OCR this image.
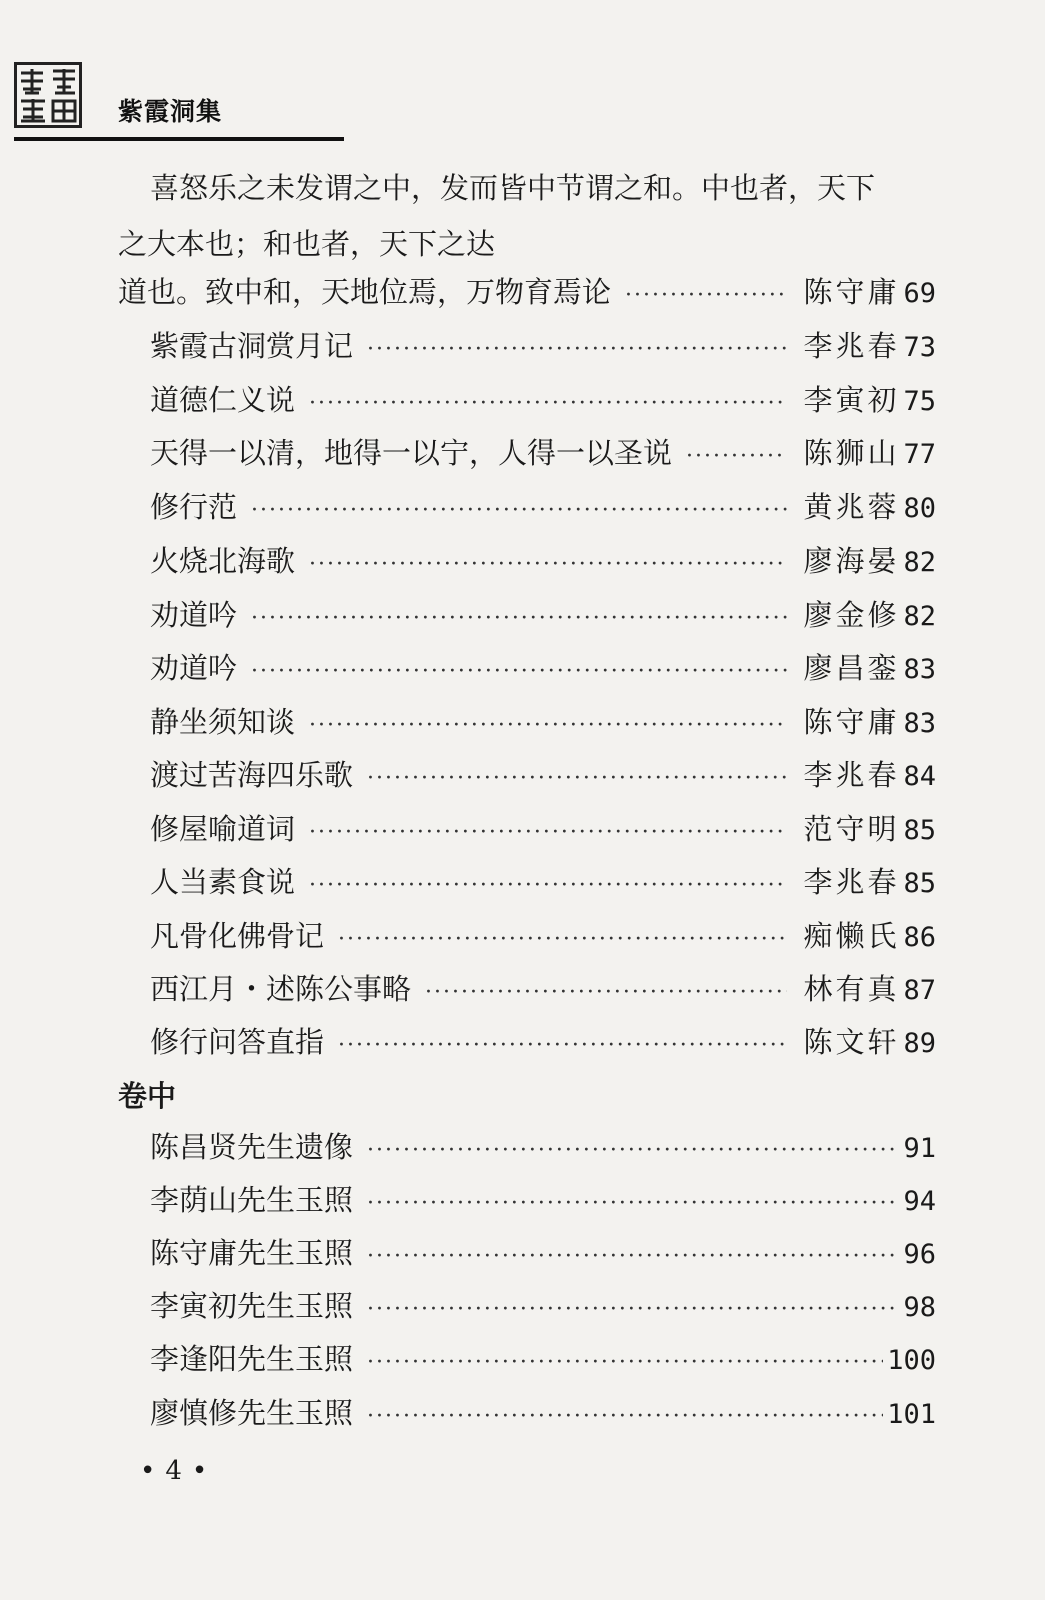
紫霞洞集
喜怒乐之未发谓之中，发而皆中节谓之和。中也者，天下
之大本也；和也者，天下之达
道也。致中和，天地位焉，万物育焉论 ·····	陈守庸 69
紫霞古洞赏月记 ·····	李兆春 73
道德仁义说 ·····	李寅初 75
天得一以清，地得一以宁，人得一以圣说 ·····	陈狮山 77
修行范 ·····	黄兆蓉 80
火烧北海歌 ·····	廖海晏 82
劝道吟 ·····	廖金修 82
劝道吟 ·····	廖昌銮 83
静坐须知谈 ·····	陈守庸 83
渡过苦海四乐歌 ·····	李兆春 84
修屋喻道词 ·····	范守明 85
人当素食说 ·····	李兆春 85
凡骨化佛骨记 ·····	痴懒氏 86
西江月・述陈公事略 ·····	林有真 87
修行问答直指 ·····	陈文轩 89
卷中
陈昌贤先生遗像 ·····	91
李荫山先生玉照 ·····	94
陈守庸先生玉照 ·····	96
李寅初先生玉照 ·····	98
李逢阳先生玉照 ·····	100
廖慎修先生玉照 ·····	101
•4•
